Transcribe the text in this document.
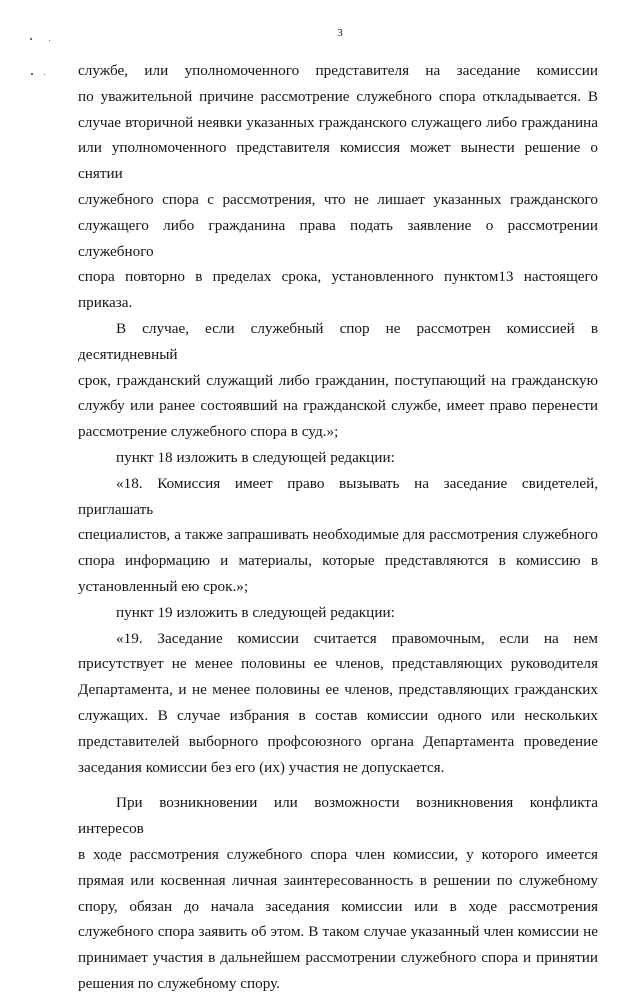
3
службе, или уполномоченного представителя на заседание комиссии
по уважительной причине рассмотрение служебного спора откладывается. В
случае вторичной неявки указанных гражданского служащего либо гражданина
или уполномоченного представителя комиссия может вынести решение о снятии
служебного спора с рассмотрения, что не лишает указанных гражданского
служащего либо гражданина права подать заявление о рассмотрении служебного
спора повторно в пределах срока, установленного пунктом13 настоящего
приказа.
В случае, если служебный спор не рассмотрен комиссией в десятидневный
срок, гражданский служащий либо гражданин, поступающий на гражданскую
службу или ранее состоявший на гражданской службе, имеет право перенести
рассмотрение служебного спора в суд.»;
пункт 18 изложить в следующей редакции:
«18. Комиссия имеет право вызывать на заседание свидетелей, приглашать
специалистов, а также запрашивать необходимые для рассмотрения служебного
спора информацию и материалы, которые представляются в комиссию в
установленный ею срок.»;
пункт 19 изложить в следующей редакции:
«19. Заседание комиссии считается правомочным, если на нем
присутствует не менее половины ее членов, представляющих руководителя
Департамента, и не менее половины ее членов, представляющих гражданских
служащих. В случае избрания в состав комиссии одного или нескольких
представителей выборного профсоюзного органа Департамента проведение
заседания комиссии без его (их) участия не допускается.
При возникновении или возможности возникновения конфликта интересов
в ходе рассмотрения служебного спора член комиссии, у которого имеется
прямая или косвенная личная заинтересованность в решении по служебному
спору, обязан до начала заседания комиссии или в ходе рассмотрения
служебного спора заявить об этом. В таком случае указанный член комиссии не
принимает участия в дальнейшем рассмотрении служебного спора и принятии
решения по служебному спору.
